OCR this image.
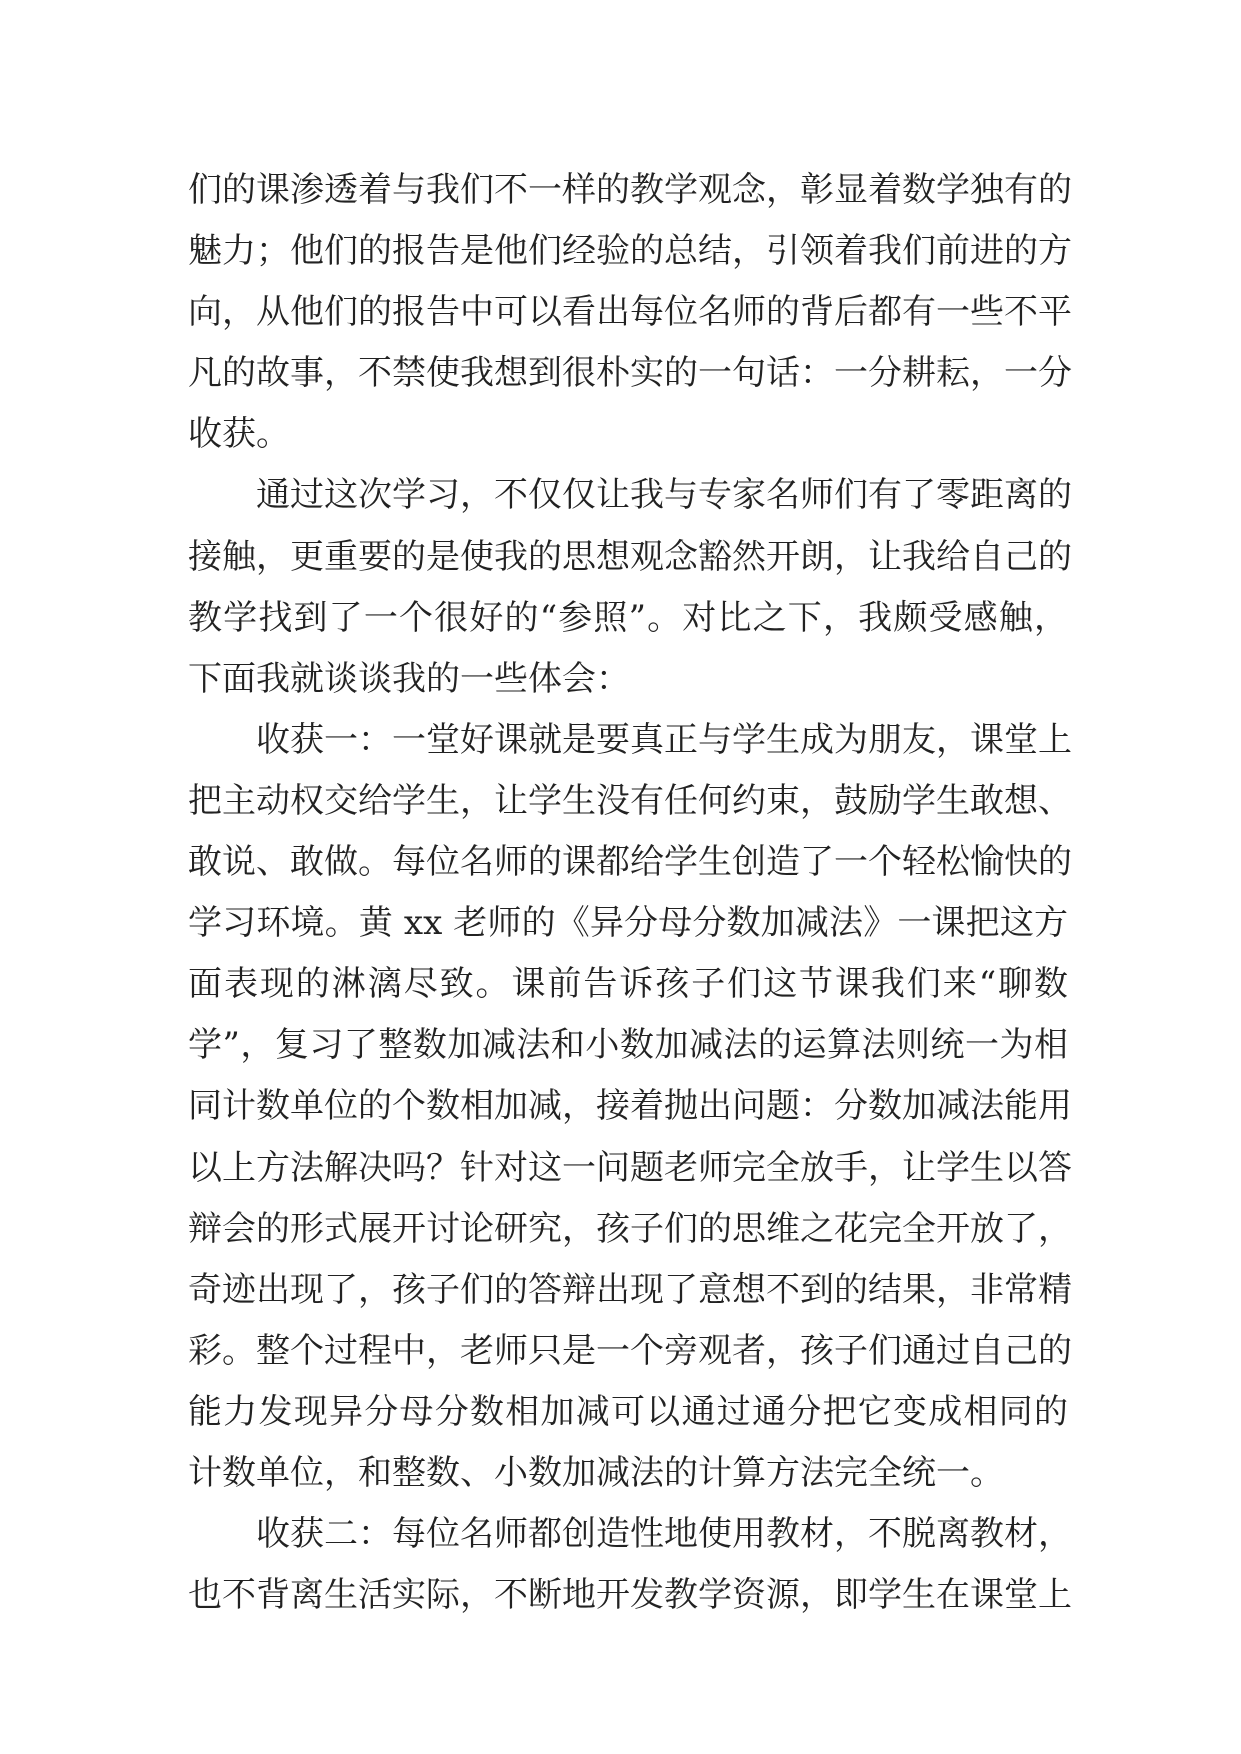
们的课渗透着与我们不一样的教学观念，彰显着数学独有的
魅力；他们的报告是他们经验的总结，引领着我们前进的方
向，从他们的报告中可以看出每位名师的背后都有一些不平
凡的故事，不禁使我想到很朴实的一句话：一分耕耘，一分
收获。
通过这次学习，不仅仅让我与专家名师们有了零距离的
接触，更重要的是使我的思想观念豁然开朗，让我给自己的
教学找到了一个很好的“参照”。对比之下，我颇受感触，
下面我就谈谈我的一些体会：
收获一：一堂好课就是要真正与学生成为朋友，课堂上
把主动权交给学生，让学生没有任何约束，鼓励学生敢想、
敢说、敢做。每位名师的课都给学生创造了一个轻松愉快的
学习环境。黄 xx 老师的《异分母分数加减法》一课把这方
面表现的淋漓尽致。课前告诉孩子们这节课我们来“聊数
学”，复习了整数加减法和小数加减法的运算法则统一为相
同计数单位的个数相加减，接着抛出问题：分数加减法能用
以上方法解决吗？针对这一问题老师完全放手，让学生以答
辩会的形式展开讨论研究，孩子们的思维之花完全开放了，
奇迹出现了，孩子们的答辩出现了意想不到的结果，非常精
彩。整个过程中，老师只是一个旁观者，孩子们通过自己的
能力发现异分母分数相加减可以通过通分把它变成相同的
计数单位，和整数、小数加减法的计算方法完全统一。
收获二：每位名师都创造性地使用教材，不脱离教材，
也不背离生活实际，不断地开发教学资源，即学生在课堂上
